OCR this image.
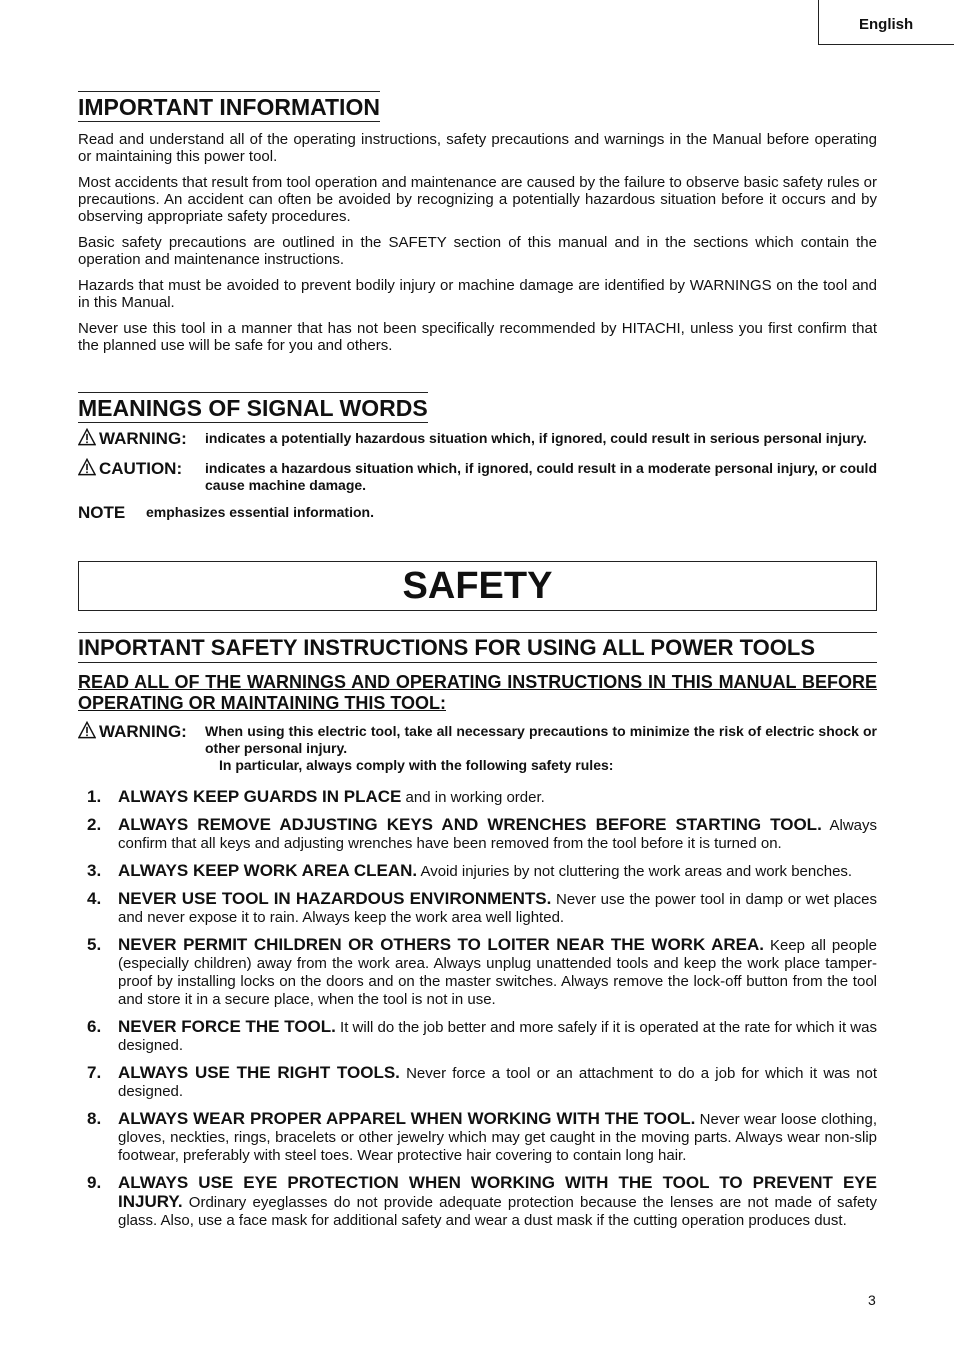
English
IMPORTANT INFORMATION

Read and understand all of the operating instructions, safety precautions and warnings in the Manual before operating or maintaining this power tool.

Most accidents that result from tool operation and maintenance are caused by the failure to observe basic safety rules or precautions. An accident can often be avoided by recognizing a potentially hazardous situation before it occurs and by observing appropriate safety procedures.

Basic safety precautions are outlined in the SAFETY section of this manual and in the sections which contain the operation and maintenance instructions.

Hazards that must be avoided to prevent bodily injury or machine damage are identified by WARNINGS on the tool and in this Manual.

Never use this tool in a manner that has not been specifically recommended by HITACHI, unless you first confirm that the planned use will be safe for you and others.

MEANINGS OF SIGNAL WORDS
WARNING:	indicates a potentially hazardous situation which, if ignored, could result in serious personal injury.
CAUTION:	indicates a hazardous situation which, if ignored, could result in a moderate personal injury, or could cause machine damage.
NOTE	emphasizes essential information.
SAFETY
INPORTANT SAFETY INSTRUCTIONS FOR USING ALL POWER TOOLS
READ ALL OF THE WARNINGS AND OPERATING INSTRUCTIONS IN THIS MANUAL BEFORE OPERATING OR MAINTAINING THIS TOOL:
WARNING:	When using this electric tool, take all necessary precautions to minimize the risk of electric shock or other personal injury.
In particular, always comply with the following safety rules:
1. ALWAYS KEEP GUARDS IN PLACE and in working order.
2. ALWAYS REMOVE ADJUSTING KEYS AND WRENCHES BEFORE STARTING TOOL. Always confirm that all keys and adjusting wrenches have been removed from the tool before it is turned on.
3. ALWAYS KEEP WORK AREA CLEAN. Avoid injuries by not cluttering the work areas and work benches.
4. NEVER USE TOOL IN HAZARDOUS ENVIRONMENTS. Never use the power tool in damp or wet places and never expose it to rain. Always keep the work area well lighted.
5. NEVER PERMIT CHILDREN OR OTHERS TO LOITER NEAR THE WORK AREA. Keep all people (especially children) away from the work area. Always unplug unattended tools and keep the work place tamper-proof by installing locks on the doors and on the master switches. Always remove the lock-off button from the tool and store it in a secure place, when the tool is not in use.
6. NEVER FORCE THE TOOL. It will do the job better and more safely if it is operated at the rate for which it was designed.
7. ALWAYS USE THE RIGHT TOOLS. Never force a tool or an attachment to do a job for which it was not designed.
8. ALWAYS WEAR PROPER APPAREL WHEN WORKING WITH THE TOOL. Never wear loose clothing, gloves, neckties, rings, bracelets or other jewelry which may get caught in the moving parts. Always wear non-slip footwear, preferably with steel toes. Wear protective hair covering to contain long hair.
9. ALWAYS USE EYE PROTECTION WHEN WORKING WITH THE TOOL TO PREVENT EYE INJURY. Ordinary eyeglasses do not provide adequate protection because the lenses are not made of safety glass. Also, use a face mask for additional safety and wear a dust mask if the cutting operation produces dust.
3
